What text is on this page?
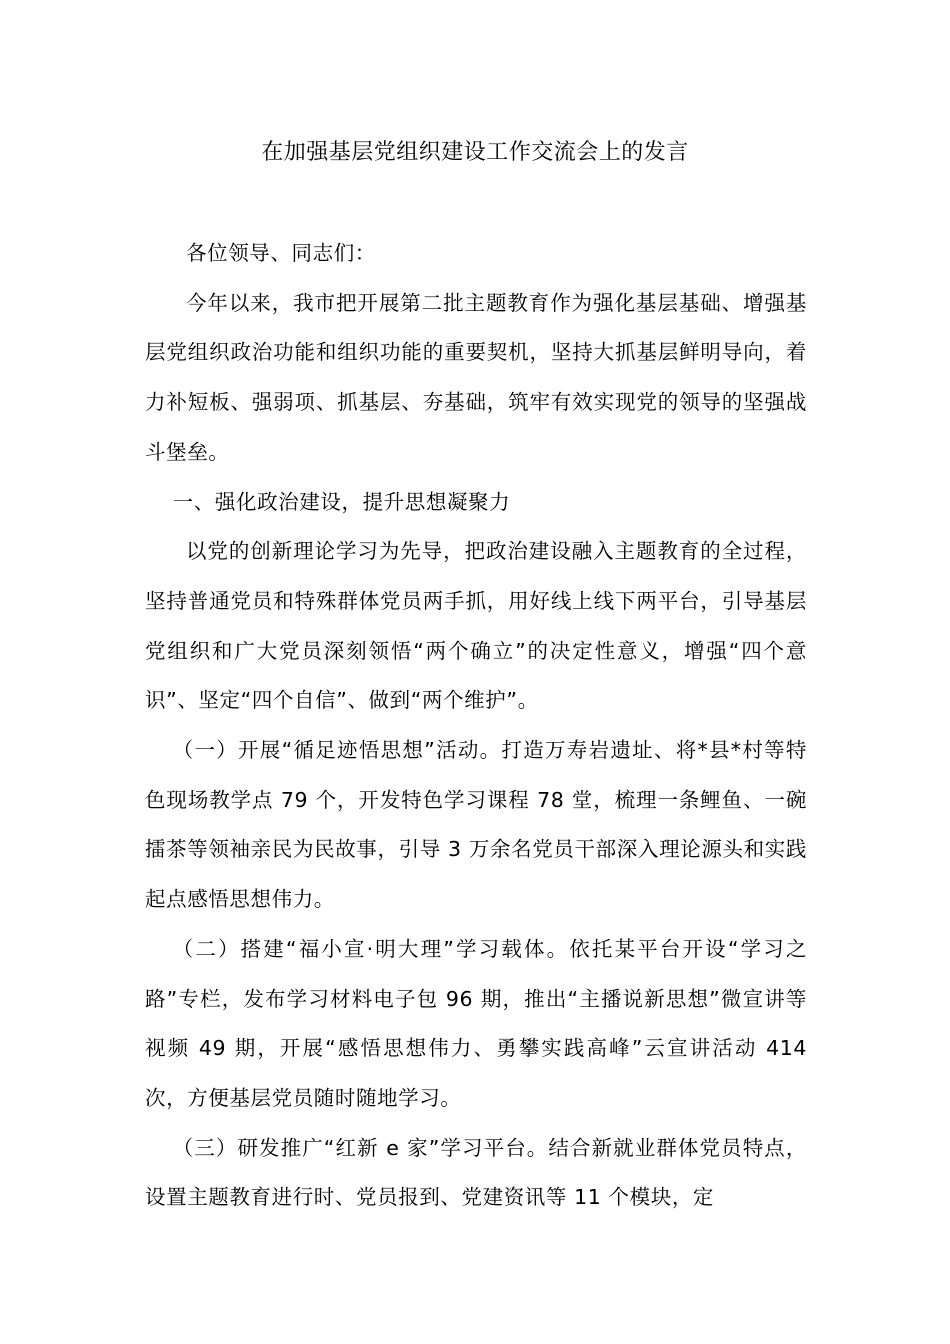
在加强基层党组织建设工作交流会上的发言

各位领导、同志们：

今年以来，我市把开展第二批主题教育作为强化基层基础、增强基层党组织政治功能和组织功能的重要契机，坚持大抓基层鲜明导向，着力补短板、强弱项、抓基层、夯基础，筑牢有效实现党的领导的坚强战斗堡垒。

一、强化政治建设，提升思想凝聚力

以党的创新理论学习为先导，把政治建设融入主题教育的全过程，坚持普通党员和特殊群体党员两手抓，用好线上线下两平台，引导基层党组织和广大党员深刻领悟“两个确立”的决定性意义，增强“四个意识”、坚定“四个自信”、做到“两个维护”。

（一）开展“循足迹悟思想”活动。打造万寿岩遗址、将*县*村等特色现场教学点 79 个，开发特色学习课程 78 堂，梳理一条鲤鱼、一碗擂茶等领袖亲民为民故事，引导 3 万余名党员干部深入理论源头和实践起点感悟思想伟力。

（二）搭建“福小宣·明大理”学习载体。依托某平台开设“学习之路”专栏，发布学习材料电子包 96 期，推出“主播说新思想”微宣讲等视频 49 期，开展“感悟思想伟力、勇攀实践高峰”云宣讲活动 414 次，方便基层党员随时随地学习。

（三）研发推广“红新 e 家”学习平台。结合新就业群体党员特点，设置主题教育进行时、党员报到、党建资讯等 11 个模块，定
